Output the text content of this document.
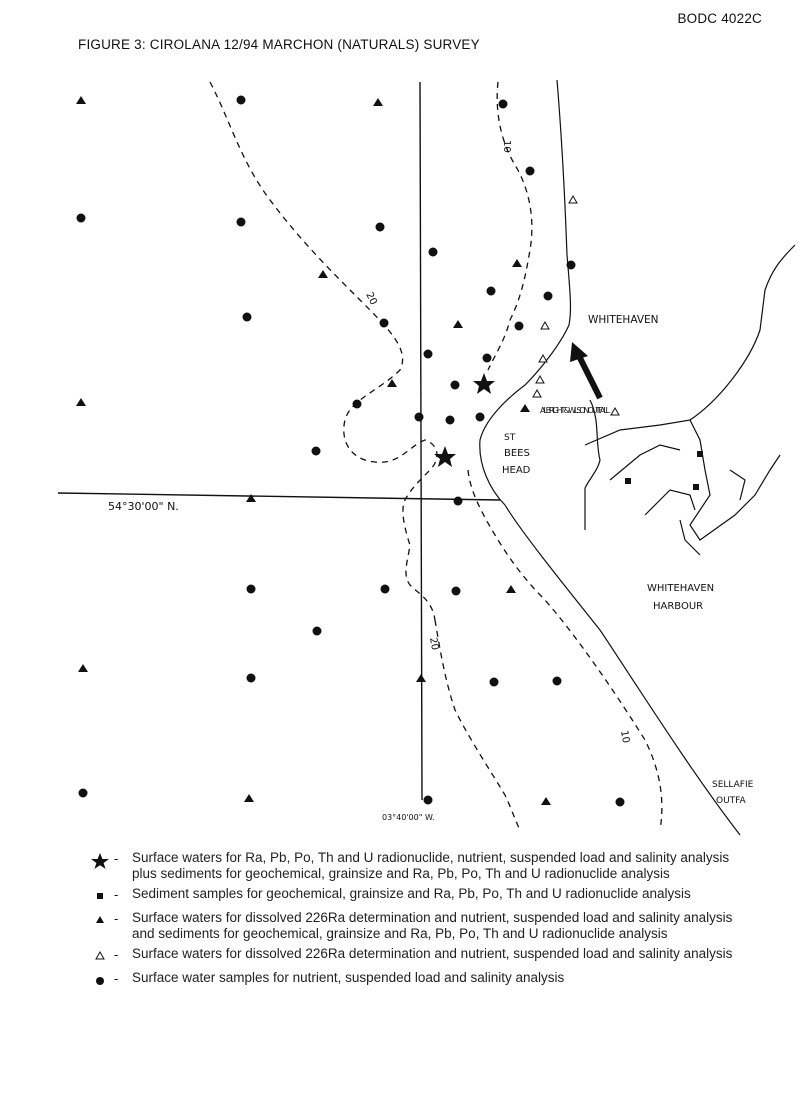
BODC 4022C
FIGURE 3: CIROLANA 12/94 MARCHON (NATURALS) SURVEY
WHITEHAVEN
ALBRIGHT & WILSON OUTFALL
ST
BEES
HEAD
WHITEHAVEN
HARBOUR
SELLAFIE
OUTFA
54°30'00" N.
03°40'00" W.
10
20
20
10
-	Surface waters for Ra, Pb, Po, Th and U radionuclide, nutrient, suspended load and salinity analysis plus sediments for geochemical, grainsize and Ra, Pb, Po, Th and U radionuclide analysis
-	Sediment samples for geochemical, grainsize and Ra, Pb, Po, Th and U radionuclide analysis
-	Surface waters for dissolved 226Ra determination and nutrient, suspended load and salinity analysis and sediments for geochemical, grainsize and Ra, Pb, Po, Th and U radionuclide analysis
-	Surface waters for dissolved 226Ra determination and nutrient, suspended load and salinity analysis
-	Surface water samples for nutrient, suspended load and salinity analysis
